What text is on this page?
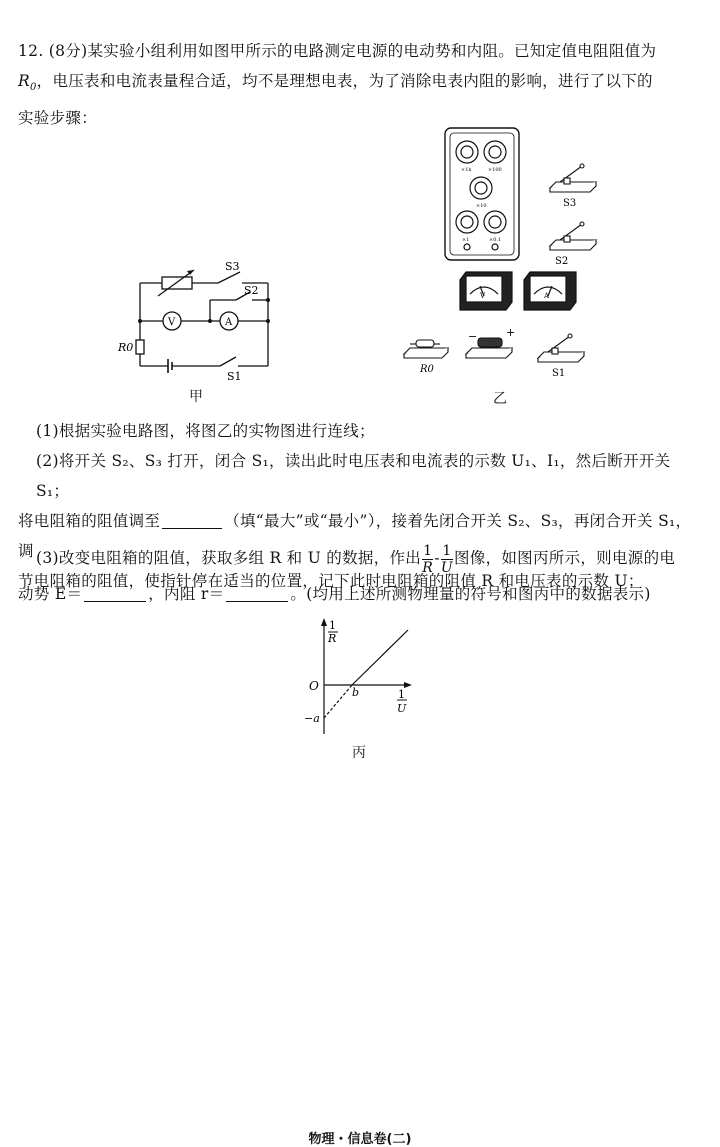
12. (8分)某实验小组利用如图甲所示的电路测定电源的电动势和内阻。已知定值电阻阻值为
$R_0$，电压表和电流表量程合适，均不是理想电表，为了消除电表内阻的影响，进行了以下的
实验步骤：
S3
S2
S1
R0
V	A
甲
×1k	×100
×10
×1	×0.1
S3
S2
S1
V	A
R0
−	+
乙
(1)根据实验电路图，将图乙的实物图进行连线；
(2)将开关 S₂、S₃ 打开，闭合 S₁，读出此时电压表和电流表的示数 U₁、I₁，然后断开开关 S₁；
将电阻箱的阻值调至	（填“最大”或“最小”），接着先闭合开关 S₂、S₃，再闭合开关 S₁，调
节电阻箱的阻值，使指针停在适当的位置，记下此时电阻箱的阻值 R 和电压表的示数 U；
(3)改变电阻箱的阻值，获取多组 R 和 U 的数据，作出 $\frac{1}{R} - \frac{1}{U}$ 图像，如图丙所示，则电源的电
动势 E＝	，内阻 r＝	。(均用上述所测物理量的符号和图丙中的数据表示)
1
R
1
U
O	b
−a
丙
物理・信息卷(二)
